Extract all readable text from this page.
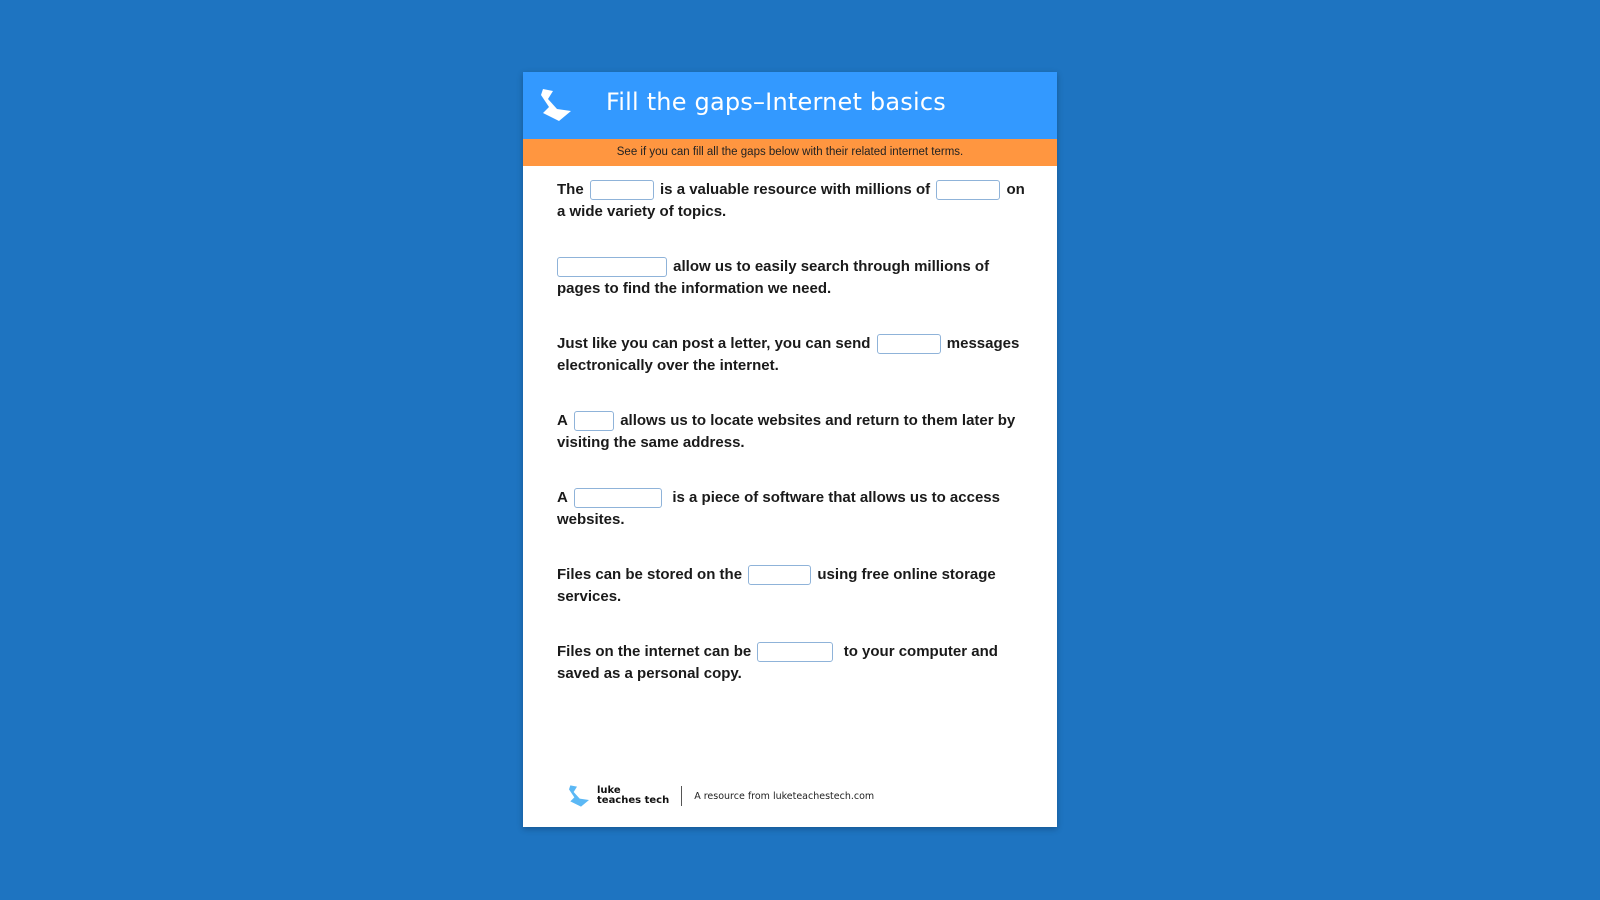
Fill the gaps–Internet basics
See if you can fill all the gaps below with their related internet terms.
The	is a valuable resource with millions of	on a wide variety of topics.
allow us to easily search through millions of pages to find the information we need.
Just like you can post a letter, you can send	messages electronically over the internet.
A	allows us to locate websites and return to them later by visiting the same address.
A	is a piece of software that allows us to access websites.
Files can be stored on the	using free online storage services.
Files on the internet can be	to your computer and saved as a personal copy.
luke
teaches tech	A resource from luketeachestech.com
